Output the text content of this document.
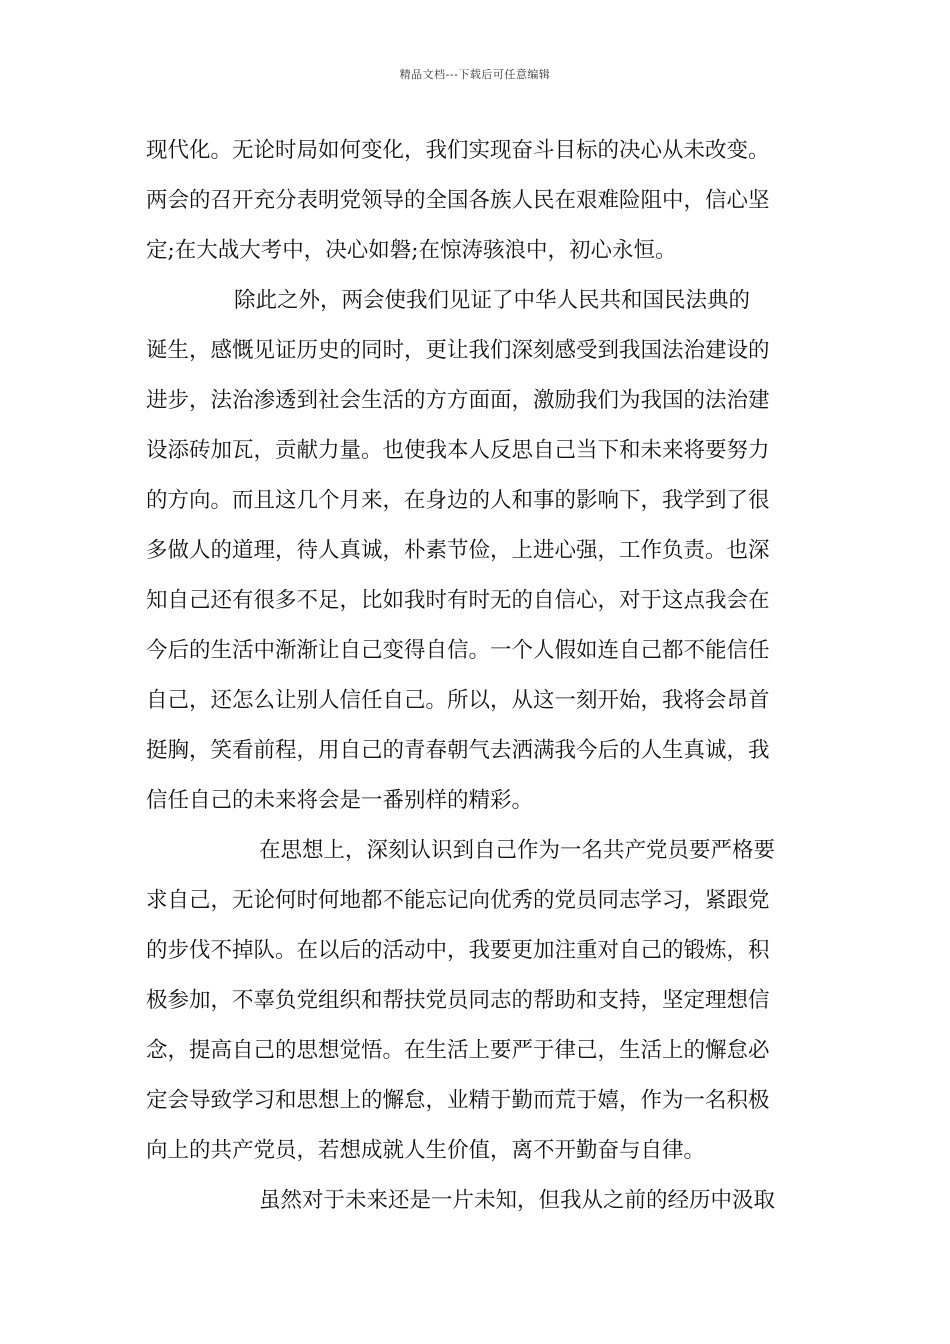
精品文档---下载后可任意编辑
现代化。无论时局如何变化，我们实现奋斗目标的决心从未改变。
两会的召开充分表明党领导的全国各族人民在艰难险阻中，信心坚
定;在大战大考中，决心如磐;在惊涛骇浪中，初心永恒。
除此之外，两会使我们见证了中华人民共和国民法典的
诞生，感慨见证历史的同时，更让我们深刻感受到我国法治建设的
进步，法治渗透到社会生活的方方面面，激励我们为我国的法治建
设添砖加瓦，贡献力量。也使我本人反思自己当下和未来将要努力
的方向。而且这几个月来，在身边的人和事的影响下，我学到了很
多做人的道理，待人真诚，朴素节俭，上进心强，工作负责。也深
知自己还有很多不足，比如我时有时无的自信心，对于这点我会在
今后的生活中渐渐让自己变得自信。一个人假如连自己都不能信任
自己，还怎么让别人信任自己。所以，从这一刻开始，我将会昂首
挺胸，笑看前程，用自己的青春朝气去洒满我今后的人生真诚，我
信任自己的未来将会是一番别样的精彩。
在思想上，深刻认识到自己作为一名共产党员要严格要
求自己，无论何时何地都不能忘记向优秀的党员同志学习，紧跟党
的步伐不掉队。在以后的活动中，我要更加注重对自己的锻炼，积
极参加，不辜负党组织和帮扶党员同志的帮助和支持，坚定理想信
念，提高自己的思想觉悟。在生活上要严于律己，生活上的懈怠必
定会导致学习和思想上的懈怠，业精于勤而荒于嬉，作为一名积极
向上的共产党员，若想成就人生价值，离不开勤奋与自律。
虽然对于未来还是一片未知，但我从之前的经历中汲取
